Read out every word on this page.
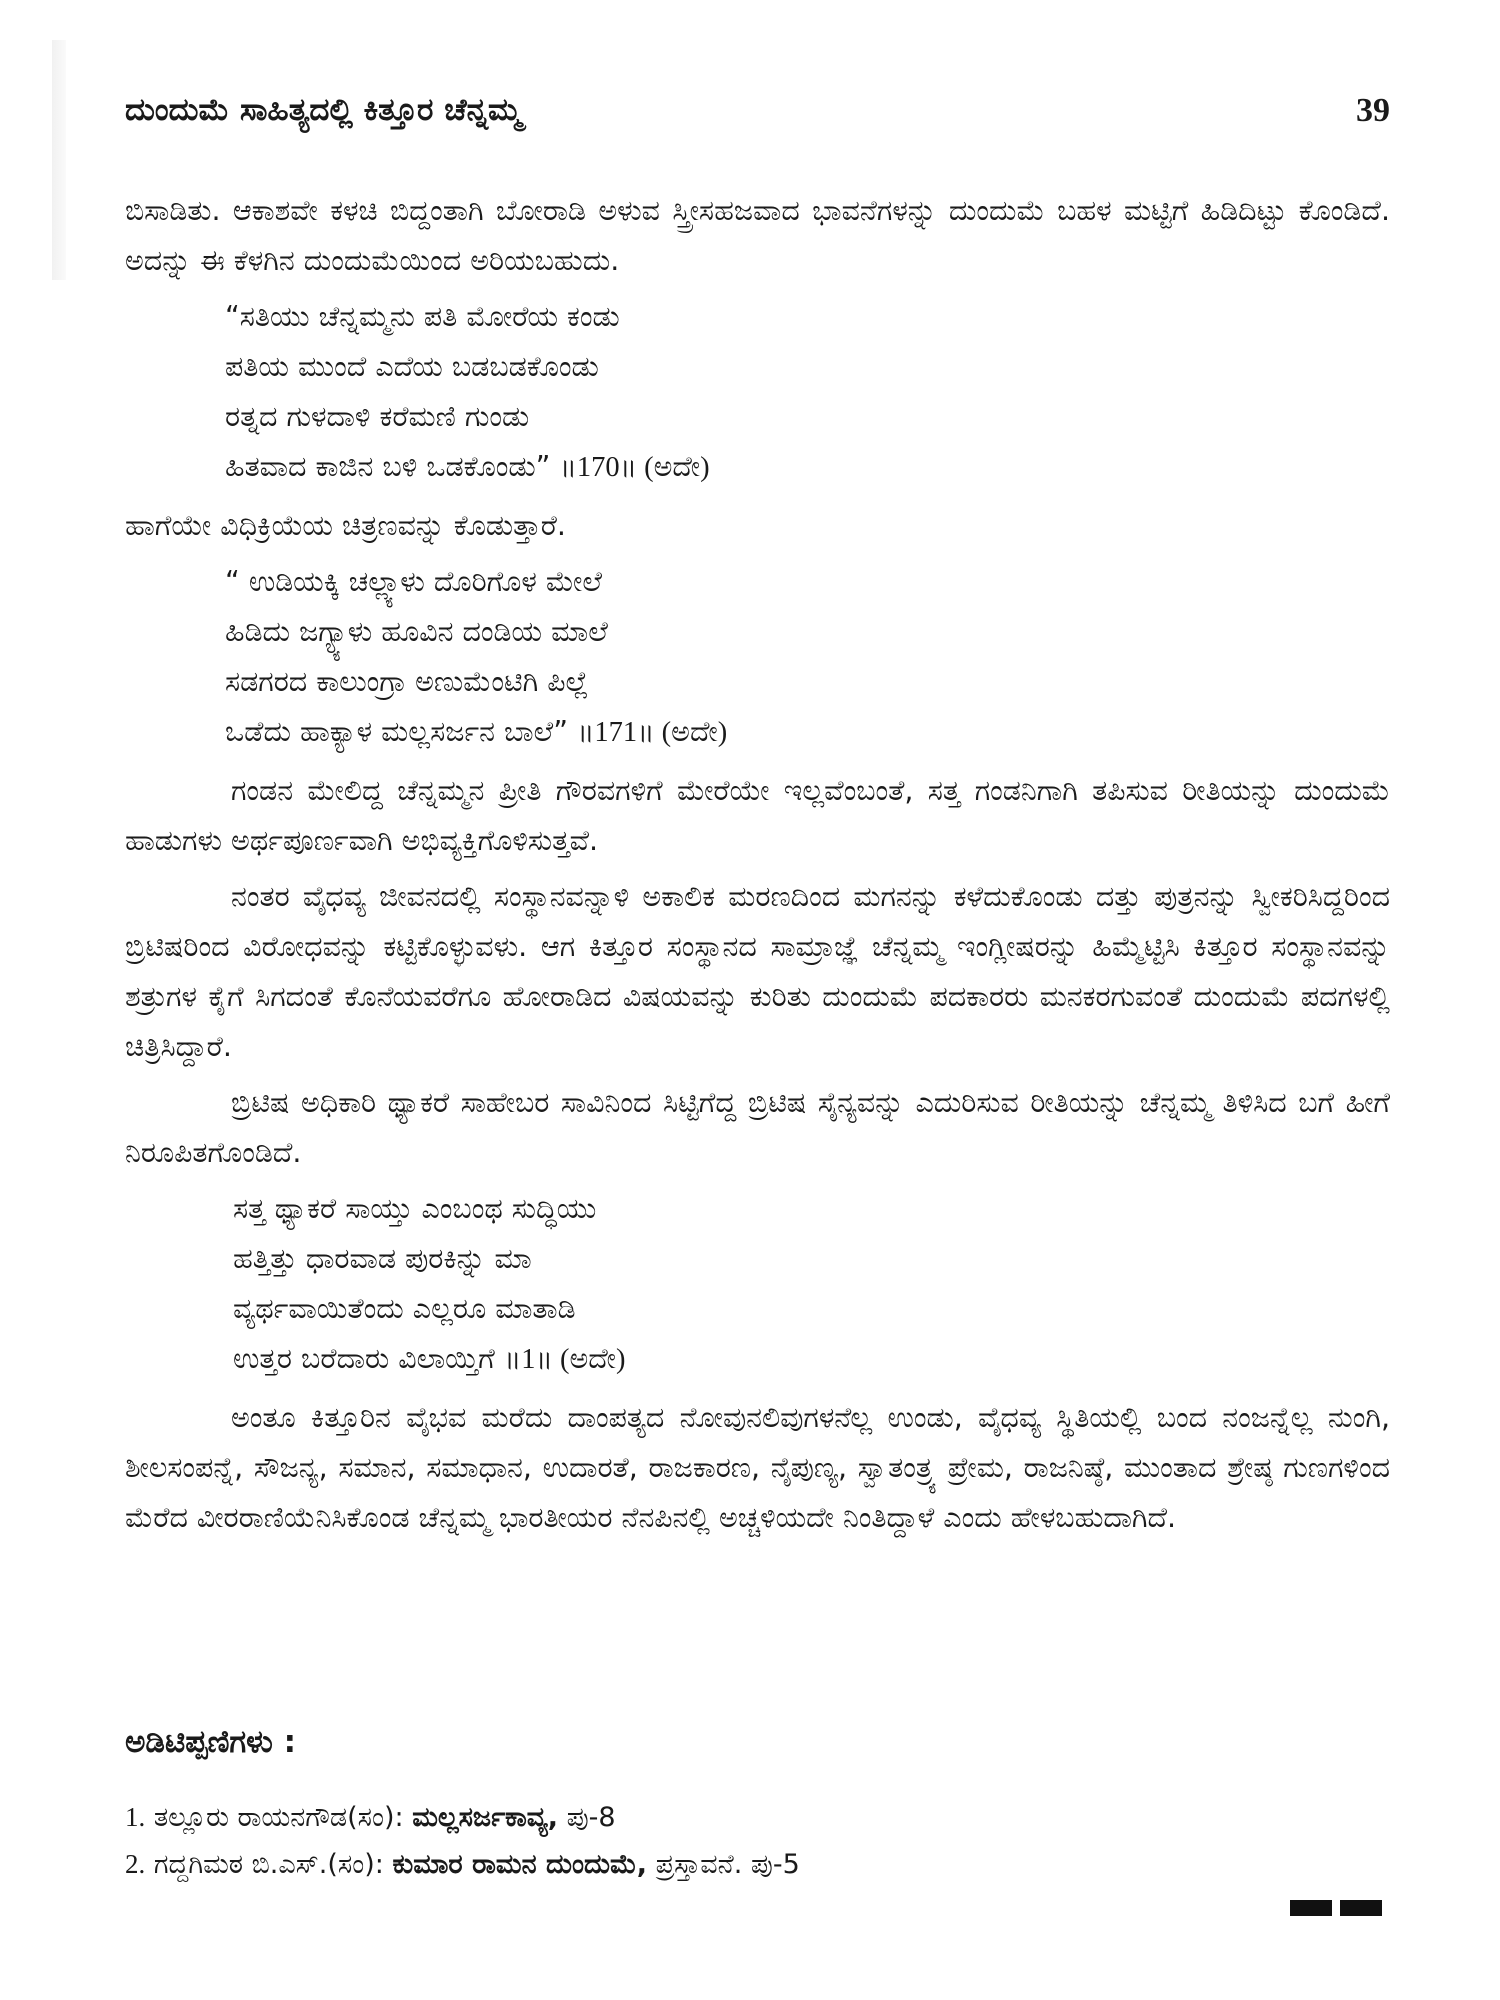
ದುಂದುಮೆ ಸಾಹಿತ್ಯದಲ್ಲಿ ಕಿತ್ತೂರ ಚೆನ್ನಮ್ಮ	39

ಬಿಸಾಡಿತು. ಆಕಾಶವೇ ಕಳಚಿ ಬಿದ್ದಂತಾಗಿ ಬೋರಾಡಿ ಅಳುವ ಸ್ತ್ರೀಸಹಜವಾದ ಭಾವನೆಗಳನ್ನು ದುಂದುಮೆ ಬಹಳ ಮಟ್ಟಿಗೆ ಹಿಡಿದಿಟ್ಟು ಕೊಂಡಿದೆ. ಅದನ್ನು ಈ ಕೆಳಗಿನ ದುಂದುಮೆಯಿಂದ ಅರಿಯಬಹುದು.

“ಸತಿಯು ಚೆನ್ನಮ್ಮನು ಪತಿ ಮೋರೆಯ ಕಂಡು
ಪತಿಯ ಮುಂದೆ ಎದೆಯ ಬಡಬಡಕೊಂಡು
ರತ್ನದ ಗುಳದಾಳಿ ಕರೆಮಣಿ ಗುಂಡು
ಹಿತವಾದ ಕಾಜಿನ ಬಳಿ ಒಡಕೊಂಡು” ॥170॥ (ಅದೇ)

ಹಾಗೆಯೇ ವಿಧಿಕ್ರಿಯೆಯ ಚಿತ್ರಣವನ್ನು ಕೊಡುತ್ತಾರೆ.

“ ಉಡಿಯಕ್ಕಿ ಚಲ್ಲ್ಯಾಳು ದೊರಿಗೊಳ ಮೇಲೆ
ಹಿಡಿದು ಜಗ್ಯ್ಯಾಳು ಹೂವಿನ ದಂಡಿಯ ಮಾಲೆ
ಸಡಗರದ ಕಾಲುಂಗ್ರಾ ಅಣುಮೆಂಟಿಗಿ ಪಿಲ್ಲೆ
ಒಡೆದು ಹಾಕ್ಯಾಳ ಮಲ್ಲಸರ್ಜನ ಬಾಲೆ” ॥171॥ (ಅದೇ)

ಗಂಡನ ಮೇಲಿದ್ದ ಚೆನ್ನಮ್ಮನ ಪ್ರೀತಿ ಗೌರವಗಳಿಗೆ ಮೇರೆಯೇ ಇಲ್ಲವೆಂಬಂತೆ, ಸತ್ತ ಗಂಡನಿಗಾಗಿ ತಪಿಸುವ ರೀತಿಯನ್ನು ದುಂದುಮೆ ಹಾಡುಗಳು ಅರ್ಥಪೂರ್ಣವಾಗಿ ಅಭಿವ್ಯಕ್ತಿಗೊಳಿಸುತ್ತವೆ.

ನಂತರ ವೈಧವ್ಯ ಜೀವನದಲ್ಲಿ ಸಂಸ್ಥಾನವನ್ನಾಳಿ ಅಕಾಲಿಕ ಮರಣದಿಂದ ಮಗನನ್ನು ಕಳೆದುಕೊಂಡು ದತ್ತು ಪುತ್ರನನ್ನು ಸ್ವೀಕರಿಸಿದ್ದರಿಂದ ಬ್ರಿಟಿಷರಿಂದ ವಿರೋಧವನ್ನು ಕಟ್ಟಿಕೊಳ್ಳುವಳು. ಆಗ ಕಿತ್ತೂರ ಸಂಸ್ಥಾನದ ಸಾಮ್ರಾಜ್ಞೆ ಚೆನ್ನಮ್ಮ ಇಂಗ್ಲೀಷರನ್ನು ಹಿಮ್ಮೆಟ್ಟಿಸಿ ಕಿತ್ತೂರ ಸಂಸ್ಥಾನವನ್ನು ಶತ್ರುಗಳ ಕೈಗೆ ಸಿಗದಂತೆ ಕೊನೆಯವರೆಗೂ ಹೋರಾಡಿದ ವಿಷಯವನ್ನು ಕುರಿತು ದುಂದುಮೆ ಪದಕಾರರು ಮನಕರಗುವಂತೆ ದುಂದುಮೆ ಪದಗಳಲ್ಲಿ ಚಿತ್ರಿಸಿದ್ದಾರೆ.

ಬ್ರಿಟಿಷ ಅಧಿಕಾರಿ ಥ್ಯಾಕರೆ ಸಾಹೇಬರ ಸಾವಿನಿಂದ ಸಿಟ್ಟಿಗೆದ್ದ ಬ್ರಿಟಿಷ ಸೈನ್ಯವನ್ನು ಎದುರಿಸುವ ರೀತಿಯನ್ನು ಚೆನ್ನಮ್ಮ ತಿಳಿಸಿದ ಬಗೆ ಹೀಗೆ ನಿರೂಪಿತಗೊಂಡಿದೆ.

ಸತ್ತ ಥ್ಯಾಕರೆ ಸಾಯ್ತು ಎಂಬಂಥ ಸುದ್ಧಿಯು
ಹತ್ತಿತ್ತು ಧಾರವಾಡ ಪುರಕಿನ್ನು ಮಾ
ವ್ಯರ್ಥವಾಯಿತೆಂದು ಎಲ್ಲರೂ ಮಾತಾಡಿ
ಉತ್ತರ ಬರೆದಾರು ವಿಲಾಯ್ತಿಗೆ ॥1॥ (ಅದೇ)

ಅಂತೂ ಕಿತ್ತೂರಿನ ವೈಭವ ಮರೆದು ದಾಂಪತ್ಯದ ನೋವುನಲಿವುಗಳನೆಲ್ಲ ಉಂಡು, ವೈಧವ್ಯ ಸ್ಥಿತಿಯಲ್ಲಿ ಬಂದ ನಂಜನ್ನೆಲ್ಲ ನುಂಗಿ, ಶೀಲಸಂಪನ್ನೆ, ಸೌಜನ್ಯ, ಸಮಾನ, ಸಮಾಧಾನ, ಉದಾರತೆ, ರಾಜಕಾರಣ, ನೈಪುಣ್ಯ, ಸ್ವಾತಂತ್ರ್ಯ ಪ್ರೇಮ, ರಾಜನಿಷ್ಠೆ, ಮುಂತಾದ ಶ್ರೇಷ್ಠ ಗುಣಗಳಿಂದ ಮೆರೆದ ವೀರರಾಣಿಯೆನಿಸಿಕೊಂಡ ಚೆನ್ನಮ್ಮ ಭಾರತೀಯರ ನೆನಪಿನಲ್ಲಿ ಅಚ್ಚಳಿಯದೇ ನಿಂತಿದ್ದಾಳೆ ಎಂದು ಹೇಳಬಹುದಾಗಿದೆ.

ಅಡಿಟಿಪ್ಪಣಿಗಳು :
1. ತಲ್ಲೂರು ರಾಯನಗೌಡ(ಸಂ): ಮಲ್ಲಸರ್ಜಕಾವ್ಯ, ಪು-8
2. ಗದ್ದಗಿಮಠ ಬಿ.ಎಸ್.(ಸಂ): ಕುಮಾರ ರಾಮನ ದುಂದುಮೆ, ಪ್ರಸ್ತಾವನೆ. ಪು-5
